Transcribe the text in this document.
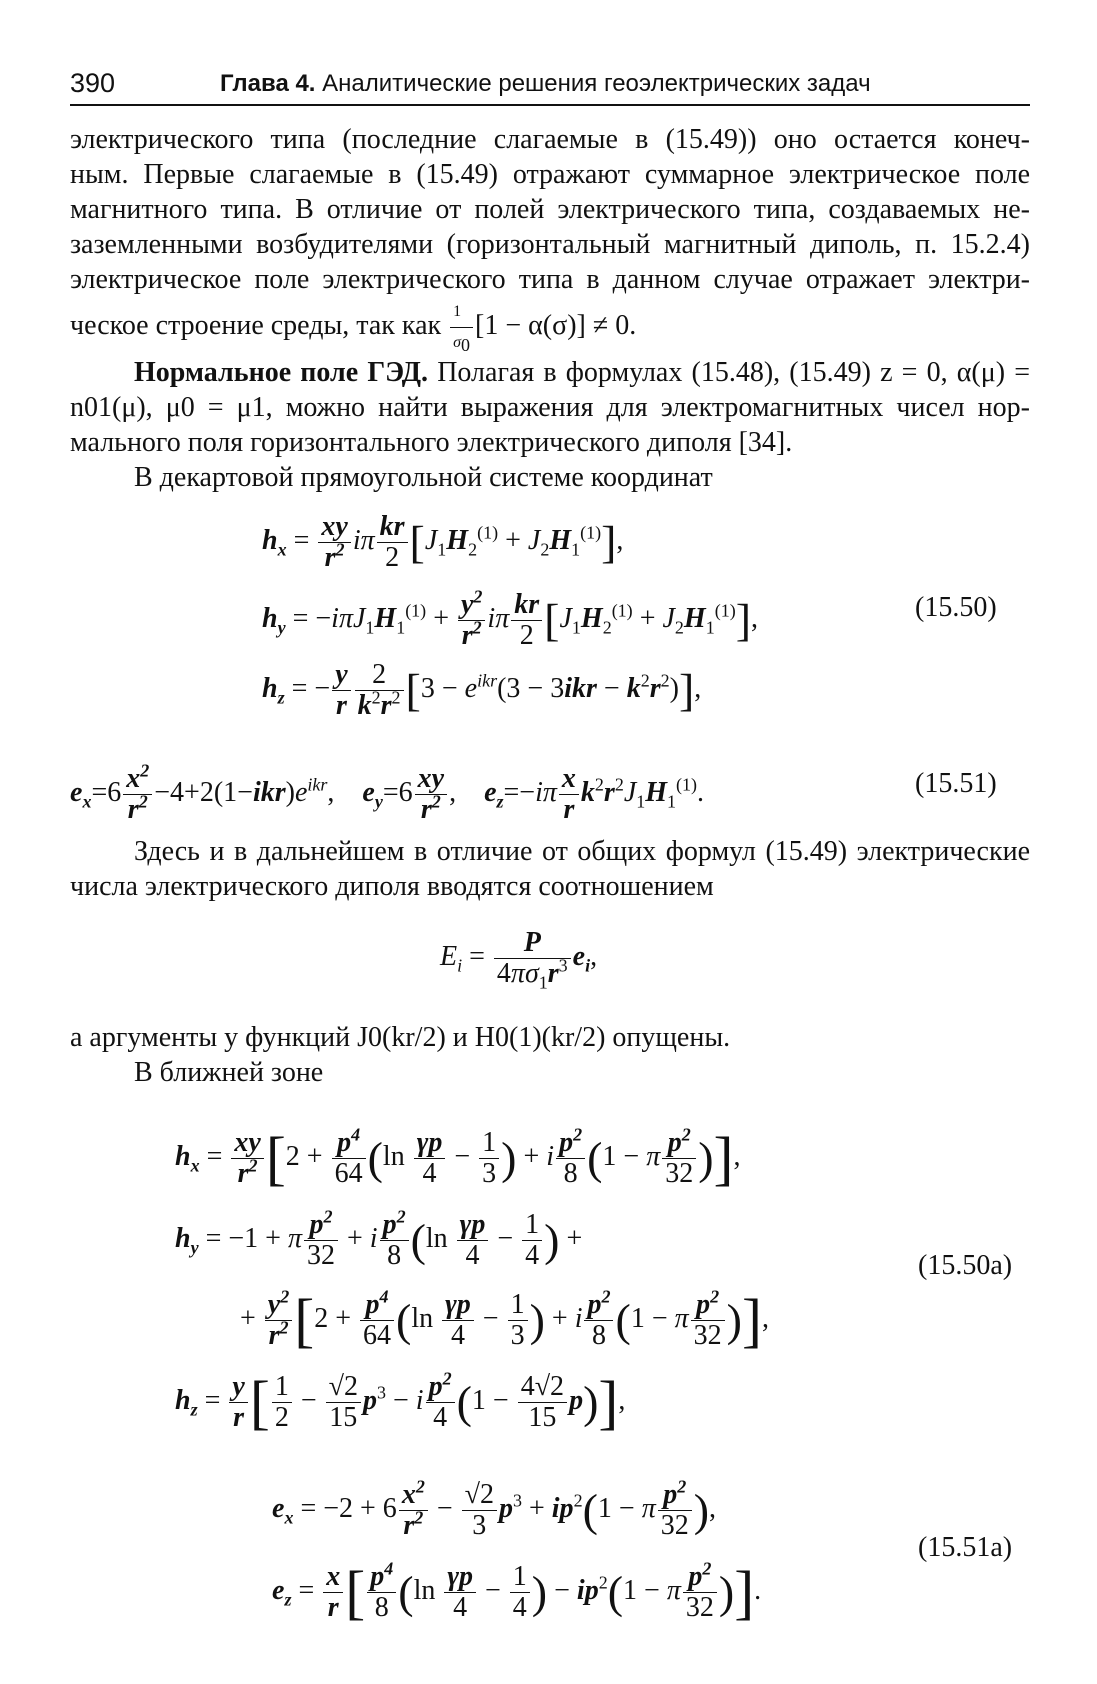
390	Глава 4. Аналитические решения геоэлектрических задач
электрического типа (последние слагаемые в (15.49)) оно остается конеч-
ным. Первые слагаемые в (15.49) отражают суммарное электрическое поле
магнитного типа. В отличие от полей электрического типа, создаваемых не-
заземленными возбудителями (горизонтальный магнитный диполь, п. 15.2.4)
электрическое поле электрического типа в данном случае отражает электри-
ческое строение среды, так как $\frac{1}{\sigma_0} [1 - \alpha(\sigma)] \ne 0$.
Нормальное поле ГЭД. Полагая в формулах (15.48), (15.49) z = 0, α(μ) =
n01(μ), μ0 = μ1, можно найти выражения для электромагнитных чисел нор-
мального поля горизонтального электрического диполя [34].
В декартовой прямоугольной системе координат
$h_x = \frac{xy}{r^2}$ iπ $\frac{kr}{2} [J_1H_2^{(1)} + J_2H_1^{(1)}]$,
$h_y = -i\pi J_1H_1^{(1)} + \frac{y^2}{r^2}$ iπ $\frac{kr}{2} [J_1H_2^{(1)} + J_2H_1^{(1)}]$,	(15.50)
$h_z$ = − $\frac{y}{r} \frac{2}{k^2r^2} [3 - e^{ikr}(3 - 3ikr - k^2r^2)]$,
$e_x=6 \frac{x^2}{r^2} -4+2(1-ikr)e^{ikr}$,    $e_y=6 \frac{xy}{r^2}$ ,    $e_z=-i\pi \frac{x}{r} k^2r^2J_1H_1^{(1)}$.	(15.51)
Здесь и в дальнейшем в отличие от общих формул (15.49) электрические
числа электрического диполя вводятся соотношением
$E_i = \frac{P}{4\pi\sigma_1r^3} e_i$,
а аргументы у функций J0(kr/2) и H0(1)(kr/2) опущены.
В ближней зоне
$h_x = \frac{xy}{r^2} [2 + \frac{p^4}{64} (\ln \frac{\gamma p}{4} - \frac{1}{3}$ ) + i $\frac{p^2}{8} (1 - \pi \frac{p^2}{32}$ )],
$h_y = -1 + \pi \frac{p^2}{32} + i \frac{p^2}{8} (\ln \frac{\gamma p}{4} - \frac{1}{4}$ ) +
+ $\frac{y^2}{r^2} [2 + \frac{p^4}{64} (\ln \frac{\gamma p}{4} - \frac{1}{3}$ ) + i $\frac{p^2}{8} (1 - \pi \frac{p^2}{32}$ )],
(15.50a)
$h_z = \frac{y}{r}$ [ $\frac{1}{2} - \frac{√2}{15} p^3 - i \frac{p^2}{4} (1 - \frac{4√2}{15} p)$],
$e_x = -2 + 6 \frac{x^2}{r^2} - \frac{√2}{3} p^3 + ip^2(1 - \pi \frac{p^2}{32}$ ),
(15.51a)
$e_z = \frac{x}{r}$ [ $\frac{p^4}{8} (\ln \frac{\gamma p}{4} - \frac{1}{4}$ ) − $ip^2(1 - \pi \frac{p^2}{32}$ )].
